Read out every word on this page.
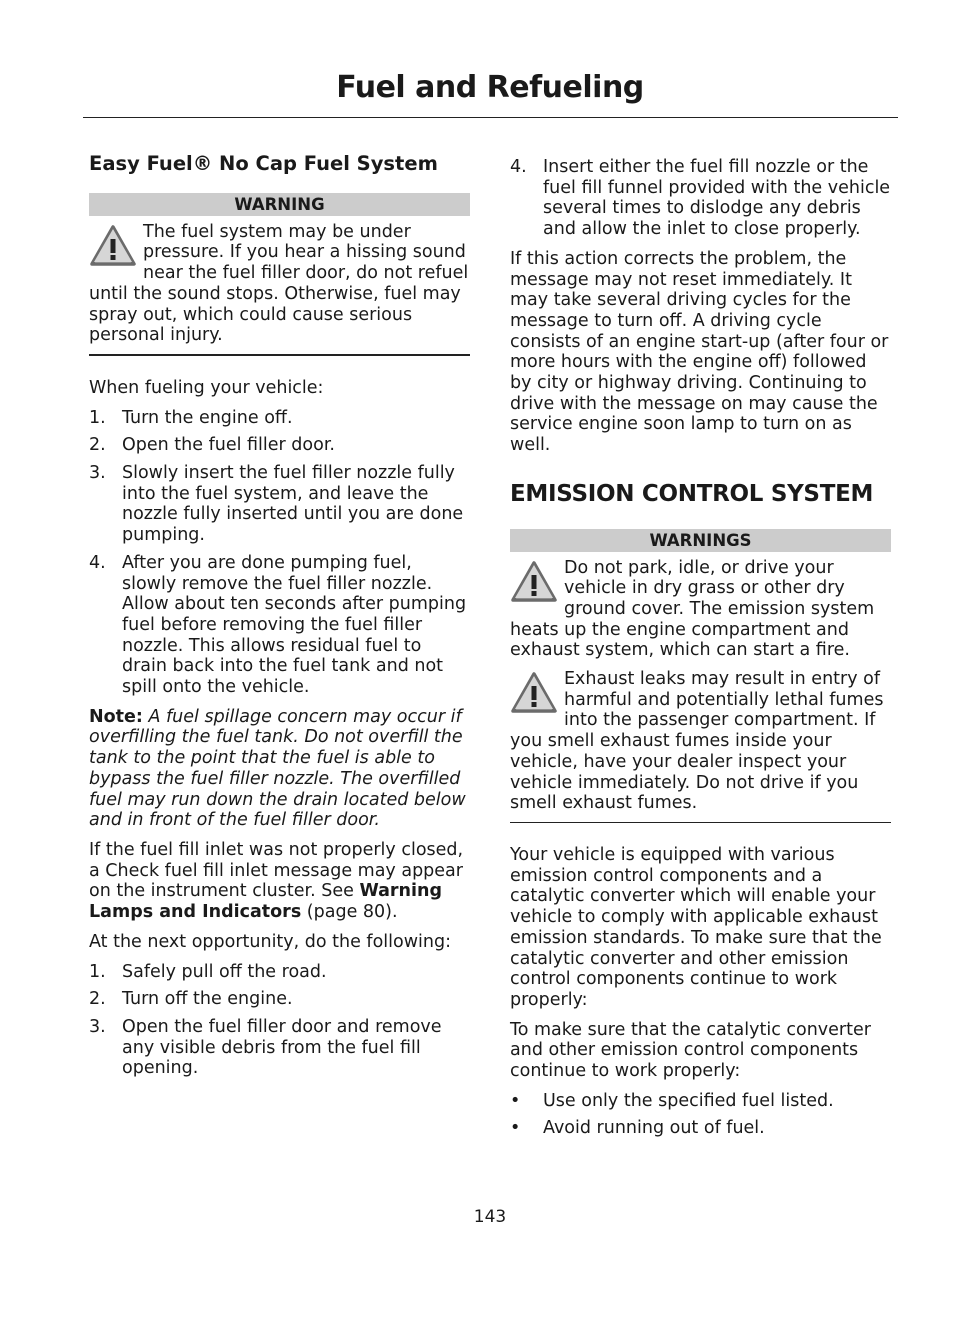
Fuel and Refueling
Easy Fuel® No Cap Fuel System
WARNING
The fuel system may be under pressure. If you hear a hissing sound near the fuel filler door, do not refuel until the sound stops. Otherwise, fuel may spray out, which could cause serious personal injury.

When fueling your vehicle:

1. Turn the engine off.
2. Open the fuel filler door.
3. Slowly insert the fuel filler nozzle fully into the fuel system, and leave the nozzle fully inserted until you are done pumping.
4. After you are done pumping fuel, slowly remove the fuel filler nozzle. Allow about ten seconds after pumping fuel before removing the fuel filler nozzle. This allows residual fuel to drain back into the fuel tank and not spill onto the vehicle.

Note: A fuel spillage concern may occur if overfilling the fuel tank. Do not overfill the tank to the point that the fuel is able to bypass the fuel filler nozzle. The overfilled fuel may run down the drain located below and in front of the fuel filler door.

If the fuel fill inlet was not properly closed, a Check fuel fill inlet message may appear on the instrument cluster. See Warning Lamps and Indicators (page 80).

At the next opportunity, do the following:

1. Safely pull off the road.
2. Turn off the engine.
3. Open the fuel filler door and remove any visible debris from the fuel fill opening.
4. Insert either the fuel fill nozzle or the fuel fill funnel provided with the vehicle several times to dislodge any debris and allow the inlet to close properly.

If this action corrects the problem, the message may not reset immediately. It may take several driving cycles for the message to turn off. A driving cycle consists of an engine start-up (after four or more hours with the engine off) followed by city or highway driving. Continuing to drive with the message on may cause the service engine soon lamp to turn on as well.

EMISSION CONTROL SYSTEM
WARNINGS
Do not park, idle, or drive your vehicle in dry grass or other dry ground cover. The emission system heats up the engine compartment and exhaust system, which can start a fire.
Exhaust leaks may result in entry of harmful and potentially lethal fumes into the passenger compartment. If you smell exhaust fumes inside your vehicle, have your dealer inspect your vehicle immediately. Do not drive if you smell exhaust fumes.

Your vehicle is equipped with various emission control components and a catalytic converter which will enable your vehicle to comply with applicable exhaust emission standards. To make sure that the catalytic converter and other emission control components continue to work properly:

To make sure that the catalytic converter and other emission control components continue to work properly:

• Use only the specified fuel listed.
• Avoid running out of fuel.
143
